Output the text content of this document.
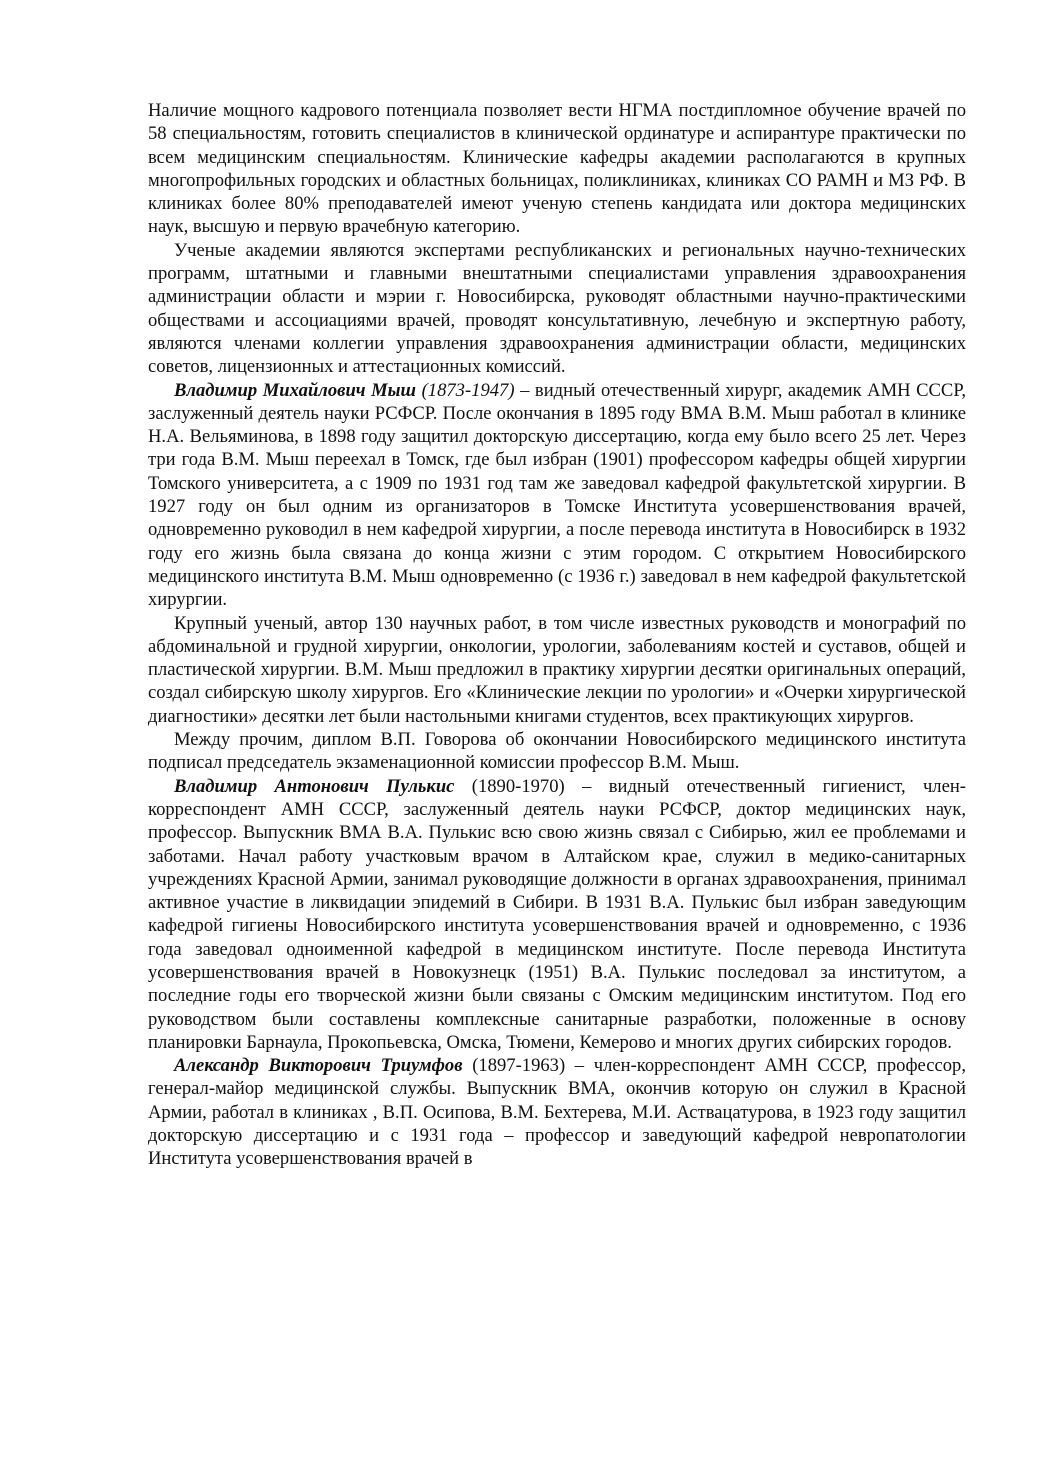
Наличие мощного кадрового потенциала позволяет вести НГМА постдипломное обучение врачей по 58 специальностям, готовить специалистов в клинической ординатуре и аспирантуре практически по всем медицинским специальностям. Клинические кафедры академии располагаются в крупных многопрофильных городских и областных больницах, поликлиниках, клиниках СО РАМН и МЗ РФ. В клиниках более 80% преподавателей имеют ученую степень кандидата или доктора медицинских наук, высшую и первую врачебную категорию.

Ученые академии являются экспертами республиканских и региональных научно-технических программ, штатными и главными внештатными специалистами управления здравоохранения администрации области и мэрии г. Новосибирска, руководят областными научно-практическими обществами и ассоциациями врачей, проводят консультативную, лечебную и экспертную работу, являются членами коллегии управления здравоохранения администрации области, медицинских советов, лицензионных и аттестационных комиссий.

Владимир Михайлович Мыш (1873-1947) – видный отечественный хирург, академик АМН СССР, заслуженный деятель науки РСФСР. После окончания в 1895 году ВМА В.М. Мыш работал в клинике Н.А. Вельяминова, в 1898 году защитил докторскую диссертацию, когда ему было всего 25 лет. Через три года В.М. Мыш переехал в Томск, где был избран (1901) профессором кафедры общей хирургии Томского университета, а с 1909 по 1931 год там же заведовал кафедрой факультетской хирургии. В 1927 году он был одним из организаторов в Томске Института усовершенствования врачей, одновременно руководил в нем кафедрой хирургии, а после перевода института в Новосибирск в 1932 году его жизнь была связана до конца жизни с этим городом. С открытием Новосибирского медицинского института В.М. Мыш одновременно (с 1936 г.) заведовал в нем кафедрой факультетской хирургии.

Крупный ученый, автор 130 научных работ, в том числе известных руководств и монографий по абдоминальной и грудной хирургии, онкологии, урологии, заболеваниям костей и суставов, общей и пластической хирургии. В.М. Мыш предложил в практику хирургии десятки оригинальных операций, создал сибирскую школу хирургов. Его «Клинические лекции по урологии» и «Очерки хирургической диагностики» десятки лет были настольными книгами студентов, всех практикующих хирургов.

Между прочим, диплом В.П. Говорова об окончании Новосибирского медицинского института подписал председатель экзаменационной комиссии профессор В.М. Мыш.

Владимир Антонович Пулькис (1890-1970) – видный отечественный гигиенист, член-корреспондент АМН СССР, заслуженный деятель науки РСФСР, доктор медицинских наук, профессор. Выпускник ВМА В.А. Пулькис всю свою жизнь связал с Сибирью, жил ее проблемами и заботами. Начал работу участковым врачом в Алтайском крае, служил в медико-санитарных учреждениях Красной Армии, занимал руководящие должности в органах здравоохранения, принимал активное участие в ликвидации эпидемий в Сибири. В 1931 В.А. Пулькис был избран заведующим кафедрой гигиены Новосибирского института усовершенствования врачей и одновременно, с 1936 года заведовал одноименной кафедрой в медицинском институте. После перевода Института усовершенствования врачей в Новокузнецк (1951) В.А. Пулькис последовал за институтом, а последние годы его творческой жизни были связаны с Омским медицинским институтом. Под его руководством были составлены комплексные санитарные разработки, положенные в основу планировки Барнаула, Прокопьевска, Омска, Тюмени, Кемерово и многих других сибирских городов.

Александр Викторович Триумфов (1897-1963) – член-корреспондент АМН СССР, профессор, генерал-майор медицинской службы. Выпускник ВМА, окончив которую он служил в Красной Армии, работал в клиниках , В.П. Осипова, В.М. Бехтерева, М.И. Аствацатурова, в 1923 году защитил докторскую диссертацию и с 1931 года – профессор и заведующий кафедрой невропатологии Института усовершенствования врачей в
